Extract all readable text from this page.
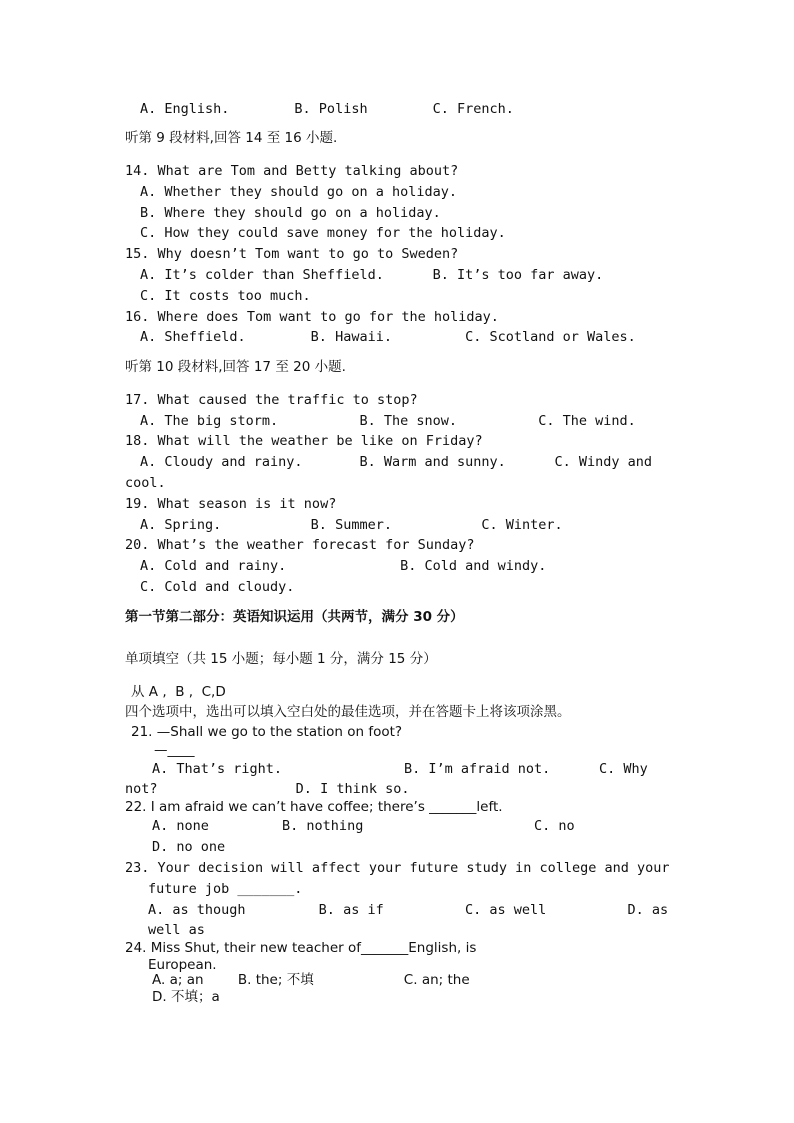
A. English.        B. Polish        C. French.
听第 9 段材料,回答 14 至 16 小题.
14. What are Tom and Betty talking about?
A. Whether they should go on a holiday.
B. Where they should go on a holiday.
C. How they could save money for the holiday.
15. Why doesn’t Tom want to go to Sweden?
A. It’s colder than Sheffield.      B. It’s too far away.
C. It costs too much.
16. Where does Tom want to go for the holiday.
A. Sheffield.        B. Hawaii.         C. Scotland or Wales.
听第 10 段材料,回答 17 至 20 小题.
17. What caused the traffic to stop?
A. The big storm.          B. The snow.          C. The wind.
18. What will the weather be like on Friday?
A. Cloudy and rainy.       B. Warm and sunny.      C. Windy and
cool.
19. What season is it now?
A. Spring.           B. Summer.           C. Winter.
20. What’s the weather forecast for Sunday?
A. Cold and rainy.              B. Cold and windy.
C. Cold and cloudy.
第一节第二部分：英语知识运用（共两节，满分 30 分）
单项填空（共 15 小题；每小题 1 分，满分 15 分）
从 A ,  B ,  C,D
四个选项中，选出可以填入空白处的最佳选项，并在答题卡上将该项涂黑。
21. —Shall we go to the station on foot?
—____
A. That’s right.               B. I’m afraid not.      C. Why
not?                 D. I think so.
22. I am afraid we can’t have coffee; there’s _______left.
A. none         B. nothing                     C. no
D. no one
23. Your decision will affect your future study in college and your
future job _______.
A. as though         B. as if          C. as well          D. as
well as
24. Miss Shut, their new teacher of_______English, is
European.
A. a; an        B. the; 不填                     C. an; the
D. 不填；a
